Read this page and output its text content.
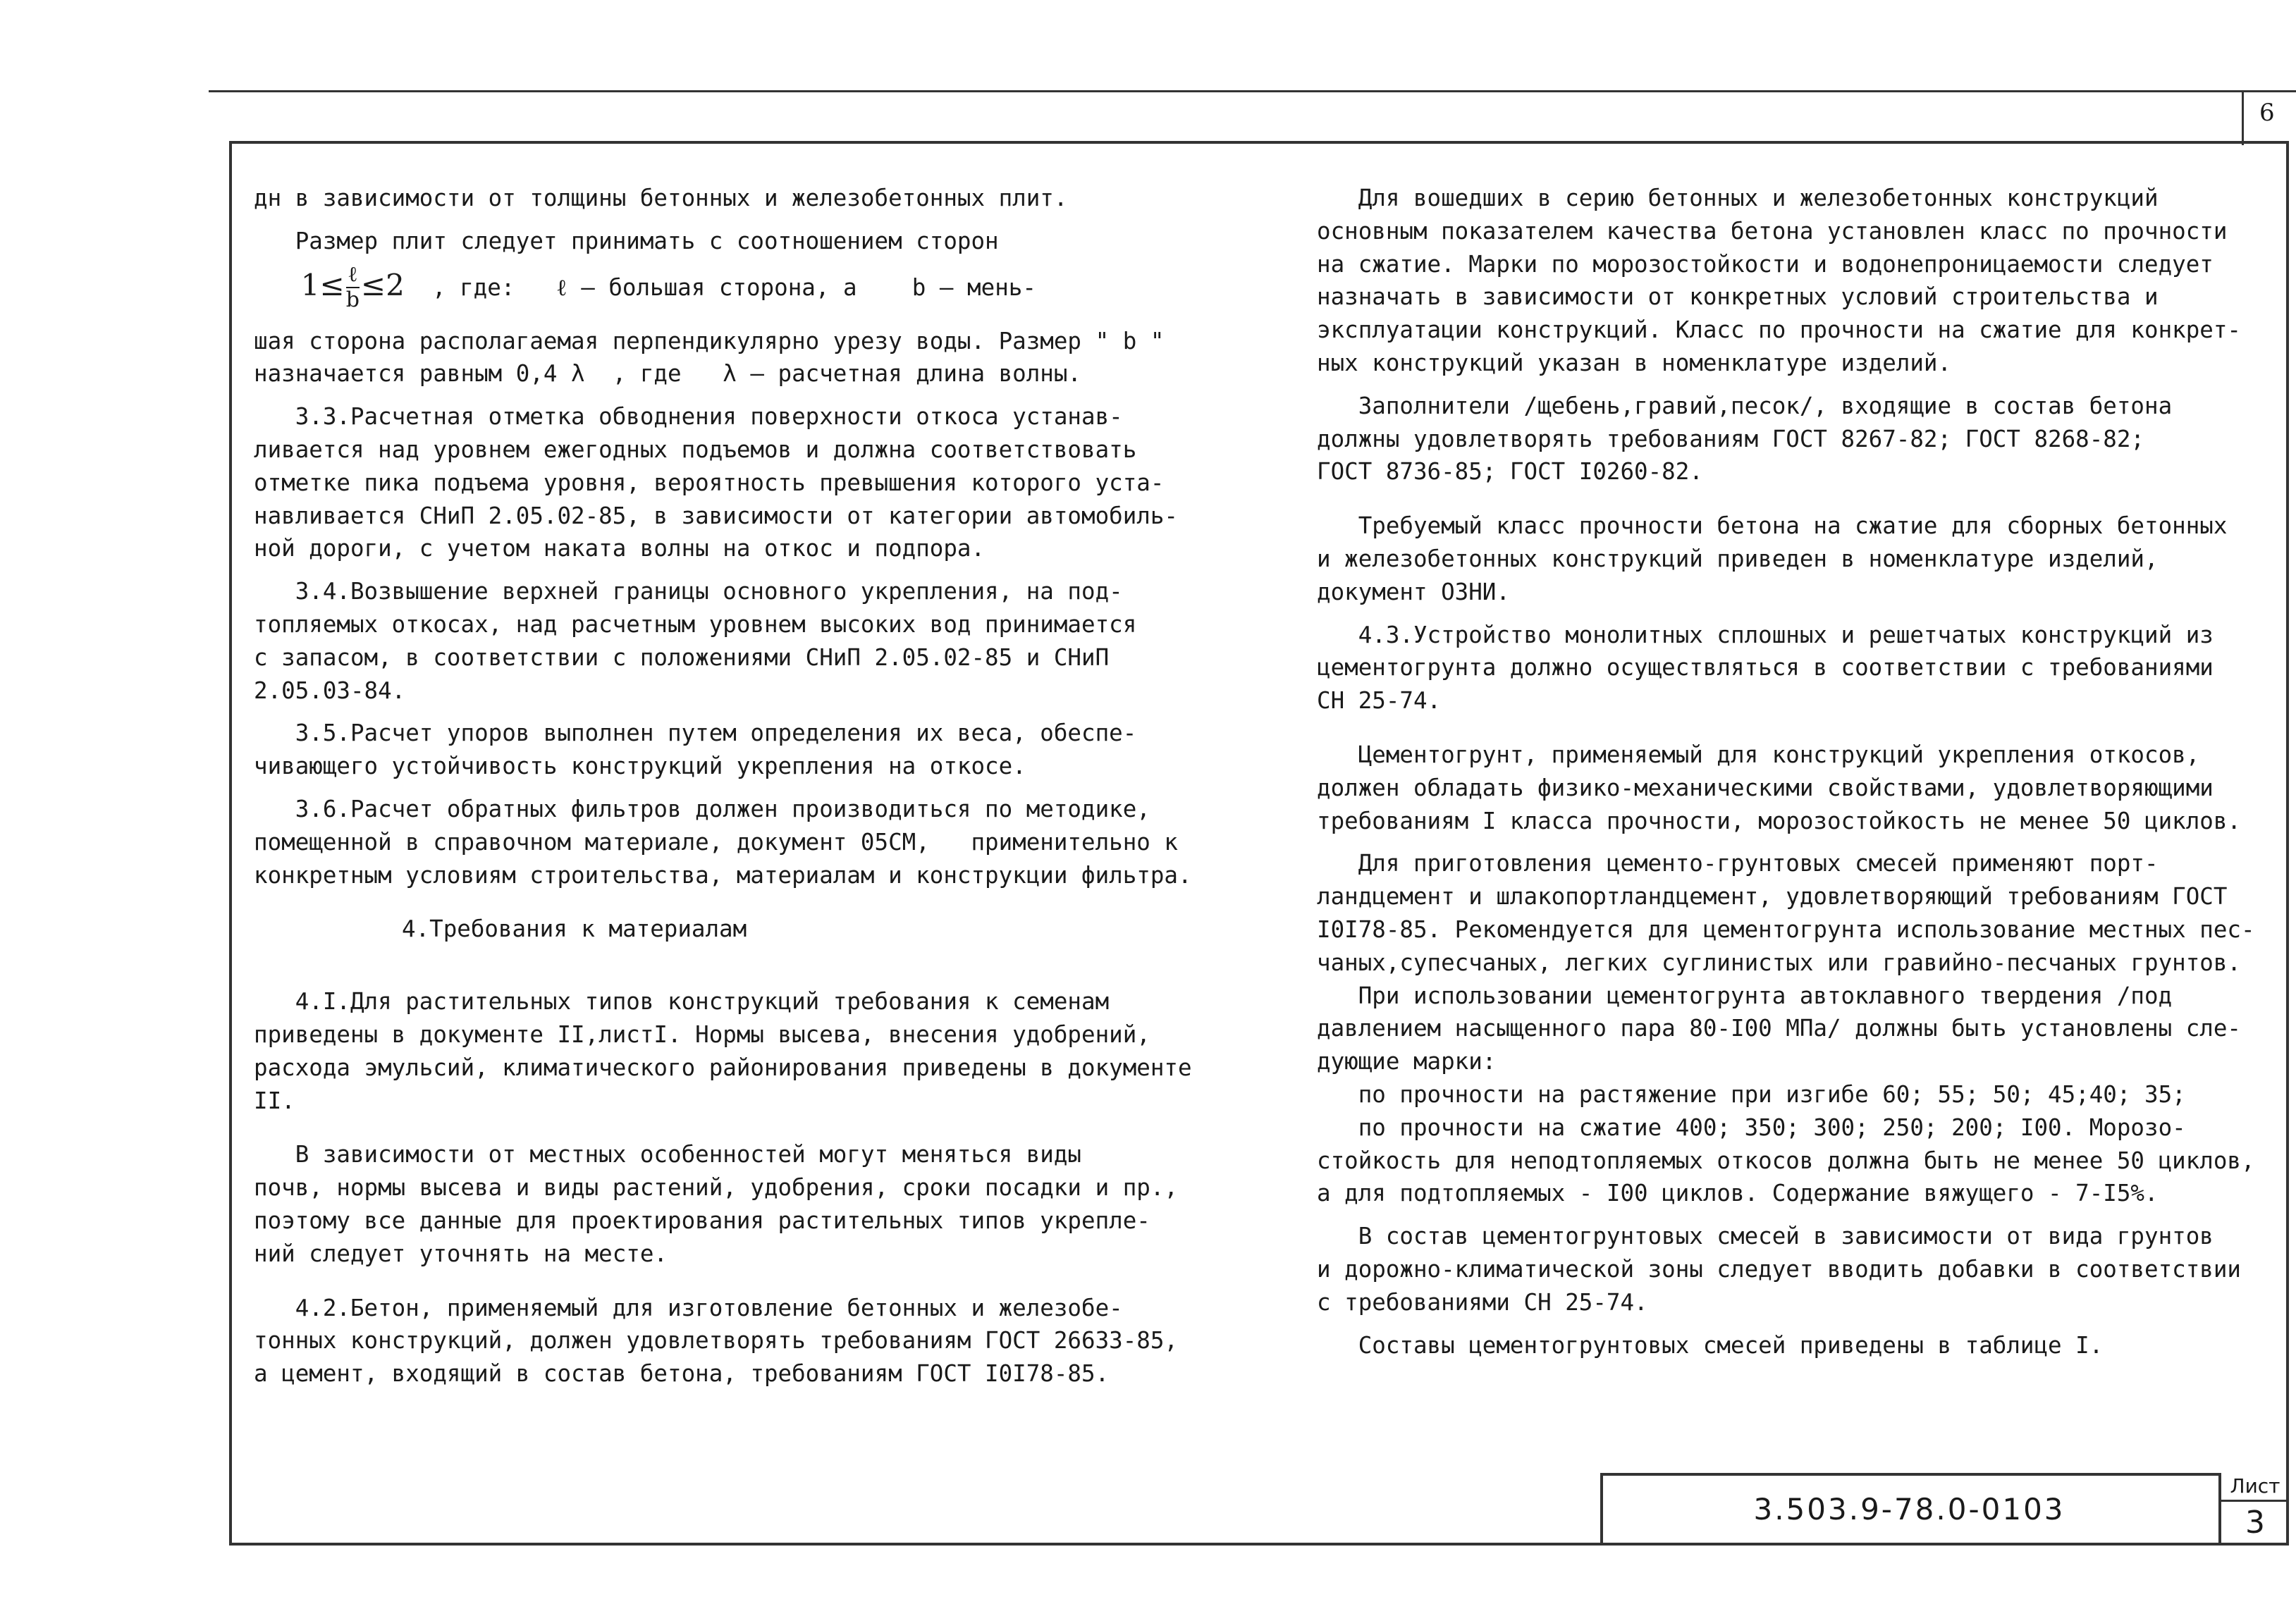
6

дн в зависимости от толщины бетонных и железобетонных плит.

Размер плит следует принимать с соотношением сторон

$1\le \frac{\text{ℓ}}{b} \le 2$  , где:   ℓ – большая сторона, а    b – мень-

шая сторона располагаемая перпендикулярно урезу воды. Размер " b "

назначается равным 0,4 λ  , где   λ – расчетная длина волны.

3.3.Расчетная отметка обводнения поверхности откоса устанав-

ливается над уровнем ежегодных подъемов и должна соответствовать

отметке пика подъема уровня, вероятность превышения которого уста-

навливается СНиП 2.05.02-85, в зависимости от категории автомобиль-

ной дороги, с учетом наката волны на откос и подпора.

3.4.Возвышение верхней границы основного укрепления, на под-

топляемых откосах, над расчетным уровнем высоких вод принимается

с запасом, в соответствии с положениями СНиП 2.05.02-85 и СНиП

2.05.03-84.

3.5.Расчет упоров выполнен путем определения их веса, обеспе-

чивающего устойчивость конструкций укрепления на откосе.

3.6.Расчет обратных фильтров должен производиться по методике,

помещенной в справочном материале, документ 05СМ,   применительно к

конкретным условиям строительства, материалам и конструкции фильтра.

4.Требования к материалам

4.I.Для растительных типов конструкций требования к семенам

приведены в документе II,листI. Нормы высева, внесения удобрений,

расхода эмульсий, климатического районирования приведены в документе

II.

В зависимости от местных особенностей могут меняться виды

почв, нормы высева и виды растений, удобрения, сроки посадки и пр.,

поэтому все данные для проектирования растительных типов укрепле-

ний следует уточнять на месте.

4.2.Бетон, применяемый для изготовление бетонных и железобе-

тонных конструкций, должен удовлетворять требованиям ГОСТ 26633-85,

а цемент, входящий в состав бетона, требованиям ГОСТ I0I78-85.

Для вошедших в серию бетонных и железобетонных конструкций

основным показателем качества бетона установлен класс по прочности

на сжатие. Марки по морозостойкости и водонепроницаемости следует

назначать в зависимости от конкретных условий строительства и

эксплуатации конструкций. Класс по прочности на сжатие для конкрет-

ных конструкций указан в номенклатуре изделий.

Заполнители /щебень,гравий,песок/, входящие в состав бетона

должны удовлетворять требованиям ГОСТ 8267-82; ГОСТ 8268-82;

ГОСТ 8736-85; ГОСТ I0260-82.

Требуемый класс прочности бетона на сжатие для сборных бетонных

и железобетонных конструкций приведен в номенклатуре изделий,

документ ОЗНИ.

4.3.Устройство монолитных сплошных и решетчатых конструкций из

цементогрунта должно осуществляться в соответствии с требованиями

СН 25-74.

Цементогрунт, применяемый для конструкций укрепления откосов,

должен обладать физико-механическими свойствами, удовлетворяющими

требованиям I класса прочности, морозостойкость не менее 50 циклов.

Для приготовления цементо-грунтовых смесей применяют порт-

ландцемент и шлакопортландцемент, удовлетворяющий требованиям ГОСТ

I0I78-85. Рекомендуется для цементогрунта использование местных пес-

чаных,супесчаных, легких суглинистых или гравийно-песчаных грунтов.

При использовании цементогрунта автоклавного твердения /под

давлением насыщенного пара 80-I00 МПа/ должны быть установлены сле-

дующие марки:

по прочности на растяжение при изгибе 60; 55; 50; 45;40; 35;

по прочности на сжатие 400; 350; 300; 250; 200; I00. Морозо-

стойкость для неподтопляемых откосов должна быть не менее 50 циклов,

а для подтопляемых - I00 циклов. Содержание вяжущего - 7-I5%.

В состав цементогрунтовых смесей в зависимости от вида грунтов

и дорожно-климатической зоны следует вводить добавки в соответствии

с требованиями СН 25-74.

Составы цементогрунтовых смесей приведены в таблице I.

3.503.9-78.0-0103
Лист
3
